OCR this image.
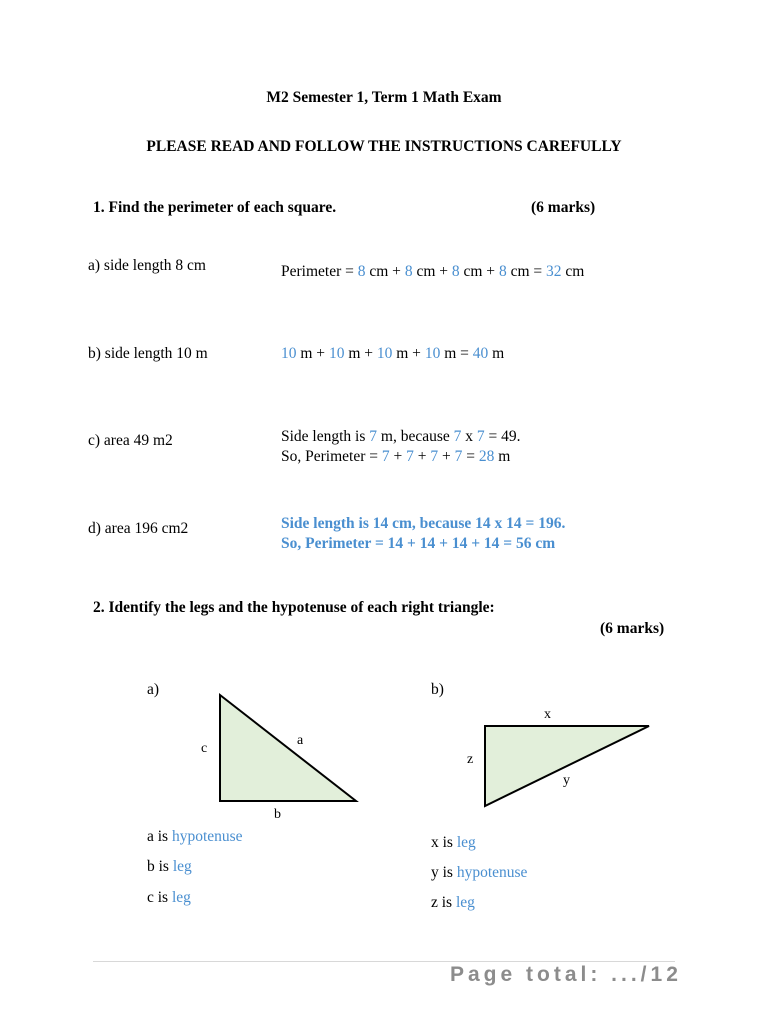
M2 Semester 1, Term 1 Math Exam
PLEASE READ AND FOLLOW THE INSTRUCTIONS CAREFULLY
1. Find the perimeter of each square.	(6 marks)
a) side length 8 cm	Perimeter = 8 cm + 8 cm + 8 cm + 8 cm = 32 cm
b) side length 10 m	10 m + 10 m + 10 m + 10 m = 40 m
c) area 49 m2	Side length is 7 m, because 7 x 7 = 49.
So, Perimeter = 7 + 7 + 7 + 7 = 28 m
d) area 196 cm2	Side length is 14 cm, because 14 x 14 = 196.
So, Perimeter = 14 + 14 + 14 + 14 = 56 cm
2. Identify the legs and the hypotenuse of each right triangle:
(6 marks)
a)
a
b
c
a is hypotenuse
b is leg
c is leg
b)
x
y
z
x is leg
y is hypotenuse
z is leg
Page total: .../12
